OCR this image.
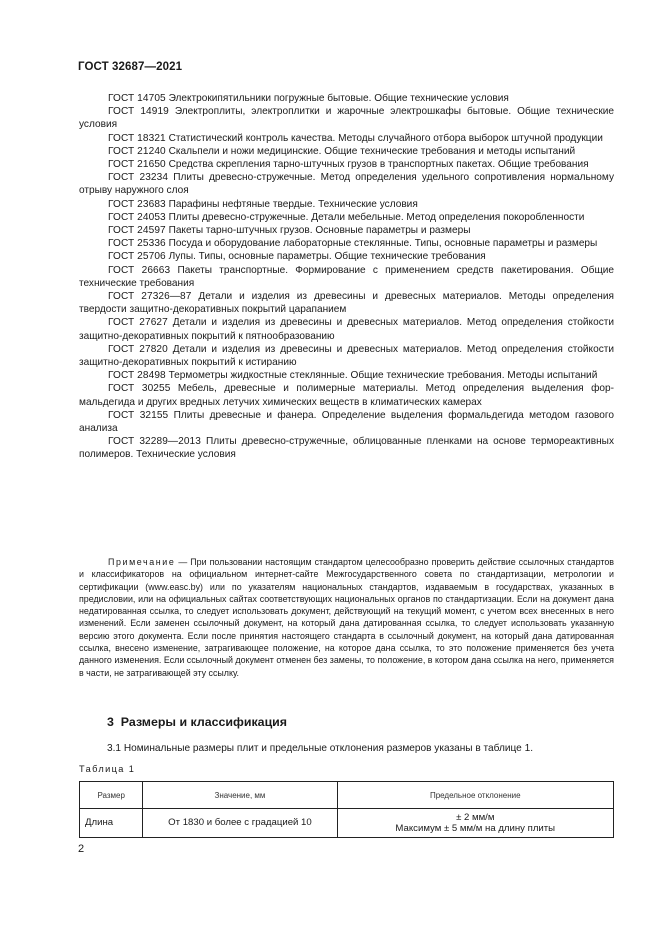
ГОСТ 32687—2021
ГОСТ 14705 Электрокипятильники погружные бытовые. Общие технические условия
ГОСТ 14919 Электроплиты, электроплитки и жарочные электрошкафы бытовые. Общие технические условия
ГОСТ 18321 Статистический контроль качества. Методы случайного отбора выборок штучной продукции
ГОСТ 21240 Скальпели и ножи медицинские. Общие технические требования и методы испытаний
ГОСТ 21650 Средства скрепления тарно-штучных грузов в транспортных пакетах. Общие требования
ГОСТ 23234 Плиты древесно-стружечные. Метод определения удельного сопротивления нормальному отрыву наружного слоя
ГОСТ 23683 Парафины нефтяные твердые. Технические условия
ГОСТ 24053 Плиты древесно-стружечные. Детали мебельные. Метод определения покоробленности
ГОСТ 24597 Пакеты тарно-штучных грузов. Основные параметры и размеры
ГОСТ 25336 Посуда и оборудование лабораторные стеклянные. Типы, основные параметры и размеры
ГОСТ 25706 Лупы. Типы, основные параметры. Общие технические требования
ГОСТ 26663 Пакеты транспортные. Формирование с применением средств пакетирования. Общие технические требования
ГОСТ 27326—87 Детали и изделия из древесины и древесных материалов. Методы определения твердости защитно-декоративных покрытий царапанием
ГОСТ 27627 Детали и изделия из древесины и древесных материалов. Метод определения стойкости защитно-декоративных покрытий к пятнообразованию
ГОСТ 27820 Детали и изделия из древесины и древесных материалов. Метод определения стойкости защитно-декоративных покрытий к истиранию
ГОСТ 28498 Термометры жидкостные стеклянные. Общие технические требования. Методы испытаний
ГОСТ 30255 Мебель, древесные и полимерные материалы. Метод определения выделения формальдегида и других вредных летучих химических веществ в климатических камерах
ГОСТ 32155 Плиты древесные и фанера. Определение выделения формальдегида методом газового анализа
ГОСТ 32289—2013 Плиты древесно-стружечные, облицованные пленками на основе термореактивных полимеров. Технические условия
Примечание — При пользовании настоящим стандартом целесообразно проверить действие ссылочных стандартов и классификаторов на официальном интернет-сайте Межгосударственного совета по стандартизации, метрологии и сертификации (www.easc.by) или по указателям национальных стандартов, издаваемым в государствах, указанных в предисловии, или на официальных сайтах соответствующих национальных органов по стандартизации. Если на документ дана недатированная ссылка, то следует использовать документ, действующий на текущий момент, с учетом всех внесенных в него изменений. Если заменен ссылочный документ, на который дана датированная ссылка, то следует использовать указанную версию этого документа. Если после принятия настоящего стандарта в ссылочный документ, на который дана датированная ссылка, внесено изменение, затрагивающее положение, на которое дана ссылка, то это положение применяется без учета данного изменения. Если ссылочный документ отменен без замены, то положение, в котором дана ссылка на него, применяется в части, не затрагивающей эту ссылку.
3 Размеры и классификация
3.1 Номинальные размеры плит и предельные отклонения размеров указаны в таблице 1.
Таблица 1
Размер	Значение, мм	Предельное отклонение
Длина	От 1830 и более с градацией 10	± 2 мм/м
Максимум ± 5 мм/м на длину плиты
2
